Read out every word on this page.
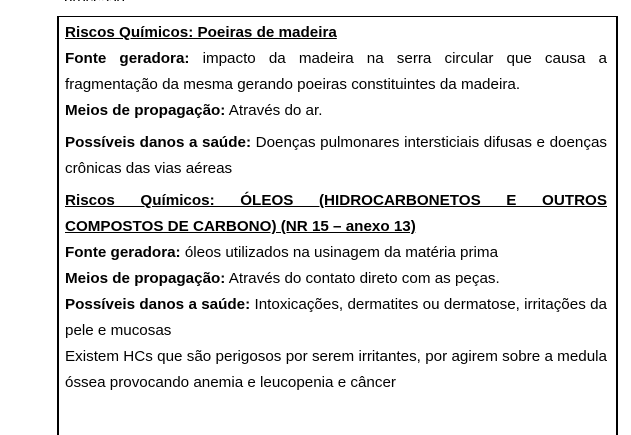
Riscos Químicos: Poeiras de madeira

Fonte geradora: impacto da madeira na serra circular que causa a fragmentação da mesma gerando poeiras constituintes da madeira.

Meios de propagação: Através do ar.

Possíveis danos a saúde: Doenças pulmonares intersticiais difusas e doenças crônicas das vias aéreas

Riscos Químicos: ÓLEOS (HIDROCARBONETOS E OUTROS

COMPOSTOS DE CARBONO) (NR 15 – anexo 13)

Fonte geradora: óleos utilizados na usinagem da matéria prima

Meios de propagação: Através do contato direto com as peças.

Possíveis danos a saúde: Intoxicações, dermatites ou dermatose, irritações da pele e mucosas

Existem HCs que são perigosos por serem irritantes, por agirem sobre a medula óssea provocando anemia e leucopenia e câncer
